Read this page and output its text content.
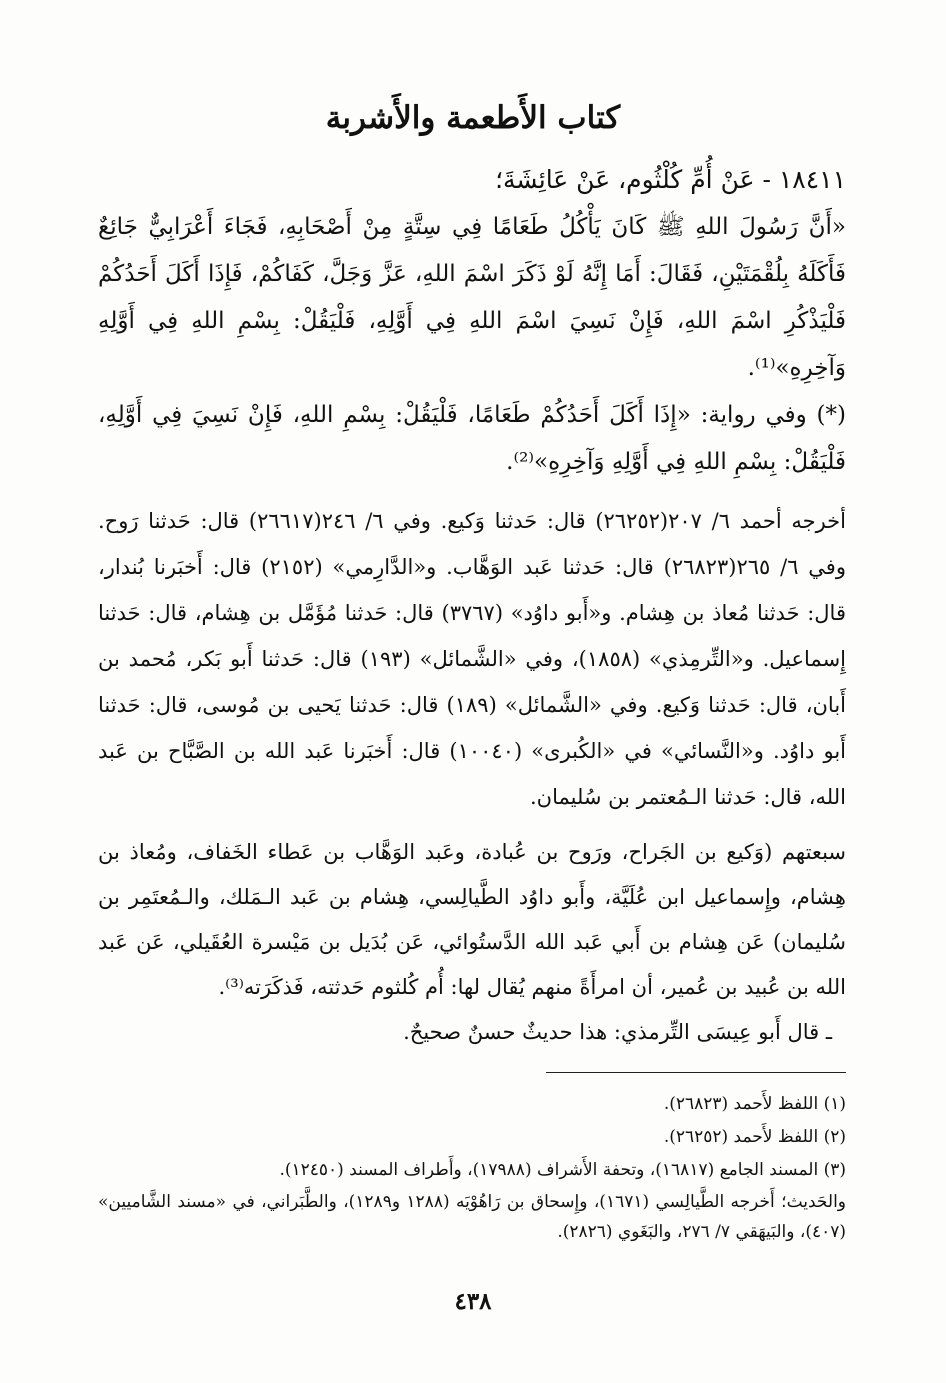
كتاب الأَطعمة والأَشربة

١٨٤١١ - عَنْ أُمِّ كُلْثُوم، عَنْ عَائِشَةَ؛

«أَنَّ رَسُولَ اللهِ ﷺ كَانَ يَأْكُلُ طَعَامًا فِي سِتَّةٍ مِنْ أَصْحَابِهِ، فَجَاءَ أَعْرَابِيٌّ جَائِعٌ فَأَكَلَهُ بِلُقْمَتَيْنِ، فَقَالَ: أَمَا إِنَّهُ لَوْ ذَكَرَ اسْمَ اللهِ، عَزَّ وَجَلَّ، كَفَاكُمْ، فَإِذَا أَكَلَ أَحَدُكُمْ فَلْيَذْكُرِ اسْمَ اللهِ، فَإِنْ نَسِيَ اسْمَ اللهِ فِي أَوَّلِهِ، فَلْيَقُلْ: بِسْمِ اللهِ فِي أَوَّلِهِ وَآخِرِهِ»⁽¹⁾.

(*) وفي رواية: «إِذَا أَكَلَ أَحَدُكُمْ طَعَامًا، فَلْيَقُلْ: بِسْمِ اللهِ، فَإِنْ نَسِيَ فِي أَوَّلِهِ، فَلْيَقُلْ: بِسْمِ اللهِ فِي أَوَّلِهِ وَآخِرِهِ»⁽²⁾.

أخرجه أحمد ٦/ ٢٠٧(٢٦٢٥٢) قال: حَدثنا وَكيع. وفي ٦/ ٢٤٦(٢٦٦١٧) قال: حَدثنا رَوح. وفي ٦/ ٢٦٥(٢٦٨٢٣) قال: حَدثنا عَبد الوَهَّاب. و«الدَّارِمي» (٢١٥٢) قال: أَخبَرنا بُندار، قال: حَدثنا مُعاذ بن هِشام. و«أَبو داوُد» (٣٧٦٧) قال: حَدثنا مُؤَمَّل بن هِشام، قال: حَدثنا إِسماعيل. و«التِّرمِذي» (١٨٥٨)، وفي «الشَّمائل» (١٩٣) قال: حَدثنا أَبو بَكر، مُحمد بن أَبان، قال: حَدثنا وَكيع. وفي «الشَّمائل» (١٨٩) قال: حَدثنا يَحيى بن مُوسى، قال: حَدثنا أَبو داوُد. و«النَّسائي» في «الكُبرى» (١٠٠٤٠) قال: أَخبَرنا عَبد الله بن الصَّبَّاح بن عَبد الله، قال: حَدثنا الـمُعتمر بن سُليمان.

سبعتهم (وَكيع بن الجَراح، ورَوح بن عُبادة، وعَبد الوَهَّاب بن عَطاء الخَفاف، ومُعاذ بن هِشام، وإِسماعيل ابن عُلَيَّة، وأَبو داوُد الطَّيالِسي، هِشام بن عَبد الـمَلك، والـمُعتَمِر بن سُليمان) عَن هِشام بن أَبي عَبد الله الدَّستُوائي، عَن بُدَيل بن مَيْسرة العُقَيلي، عَن عَبد الله بن عُبيد بن عُمير، أن امرأَةً منهم يُقال لها: أُم كُلثوم حَدثته، فَذكَرَته⁽³⁾.

ـ قال أَبو عِيسَى التِّرمذي: هذا حديثٌ حسنٌ صحيحٌ.

(١) اللفظ لأَحمد (٢٦٨٢٣).

(٢) اللفظ لأَحمد (٢٦٢٥٢).

(٣) المسند الجامع (١٦٨١٧)، وتحفة الأَشراف (١٧٩٨٨)، وأَطراف المسند (١٢٤٥٠).

والحَديث؛ أَخرجه الطَّيالِسي (١٦٧١)، وإِسحاق بن رَاهُوْيَه (١٢٨٨ و١٢٨٩)، والطَّبَراني، في «مسند الشَّاميين» (٤٠٧)، والبَيهَقي ٧/ ٢٧٦، والبَغَوي (٢٨٢٦).

٤٣٨
